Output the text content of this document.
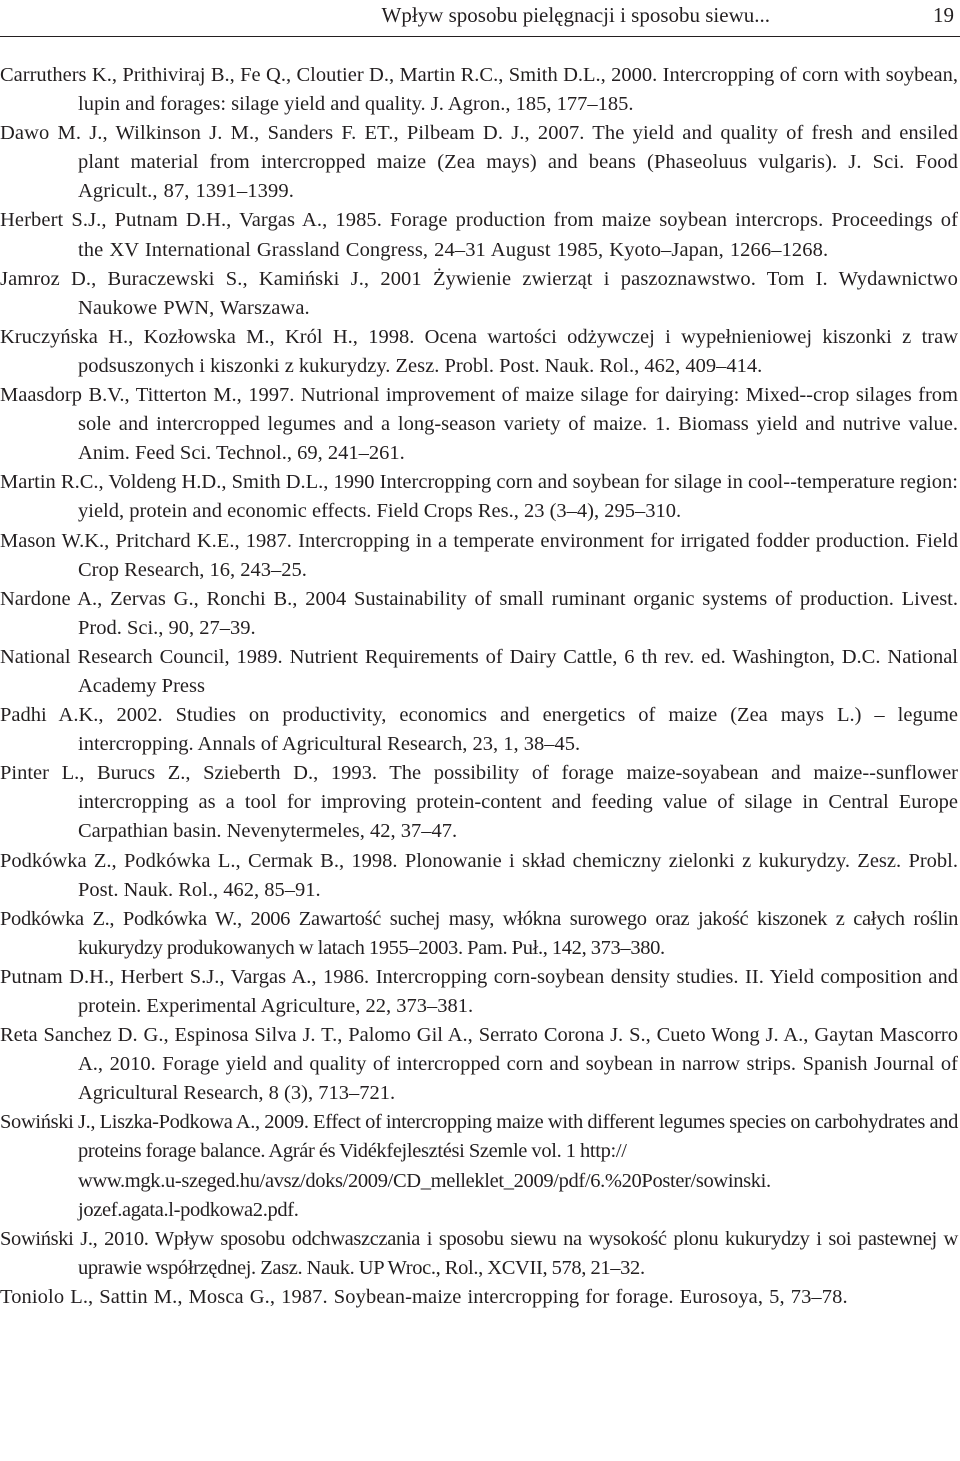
Wpływ sposobu pielęgnacji i sposobu siewu...	19
Carruthers K., Prithiviraj B., Fe Q., Cloutier D., Martin R.C., Smith D.L., 2000. Intercropping of corn with soybean, lupin and forages: silage yield and quality. J. Agron., 185, 177–185.
Dawo M. J., Wilkinson J. M., Sanders F. ET., Pilbeam D. J., 2007. The yield and quality of fresh and ensiled plant material from intercropped maize (Zea mays) and beans (Phaseoluus vulgaris). J. Sci. Food Agricult., 87, 1391–1399.
Herbert S.J., Putnam D.H., Vargas A., 1985. Forage production from maize soybean intercrops. Proceedings of the XV International Grassland Congress, 24–31 August 1985, Kyoto–Japan, 1266–1268.
Jamroz D., Buraczewski S., Kamiński J., 2001 Żywienie zwierząt i paszoznawstwo. Tom I. Wydawnictwo Naukowe PWN, Warszawa.
Kruczyńska H., Kozłowska M., Król H., 1998. Ocena wartości odżywczej i wypełnieniowej kiszonki z traw podsuszonych i kiszonki z kukurydzy. Zesz. Probl. Post. Nauk. Rol., 462, 409–414.
Maasdorp B.V., Titterton M., 1997. Nutrional improvement of maize silage for dairying: Mixed--crop silages from sole and intercropped legumes and a long-season variety of maize. 1. Biomass yield and nutrive value. Anim. Feed Sci. Technol., 69, 241–261.
Martin R.C., Voldeng H.D., Smith D.L., 1990 Intercropping corn and soybean for silage in cool--temperature region: yield, protein and economic effects. Field Crops Res., 23 (3–4), 295–310.
Mason W.K., Pritchard K.E., 1987. Intercropping in a temperate environment for irrigated fodder production. Field Crop Research, 16, 243–25.
Nardone A., Zervas G., Ronchi B., 2004 Sustainability of small ruminant organic systems of production. Livest. Prod. Sci., 90, 27–39.
National Research Council, 1989. Nutrient Requirements of Dairy Cattle, 6 th rev. ed. Washington, D.C. National Academy Press
Padhi A.K., 2002. Studies on productivity, economics and energetics of maize (Zea mays L.) – legume intercropping. Annals of Agricultural Research, 23, 1, 38–45.
Pinter L., Burucs Z., Szieberth D., 1993. The possibility of forage maize-soyabean and maize--sunflower intercropping as a tool for improving protein-content and feeding value of silage in Central Europe Carpathian basin. Nevenytermeles, 42, 37–47.
Podkówka Z., Podkówka L., Cermak B., 1998. Plonowanie i skład chemiczny zielonki z kukurydzy. Zesz. Probl. Post. Nauk. Rol., 462, 85–91.
Podkówka Z., Podkówka W., 2006 Zawartość suchej masy, włókna surowego oraz jakość kiszonek z całych roślin kukurydzy produkowanych w latach 1955–2003. Pam. Puł., 142, 373–380.
Putnam D.H., Herbert S.J., Vargas A., 1986. Intercropping corn-soybean density studies. II. Yield composition and protein. Experimental Agriculture, 22, 373–381.
Reta Sanchez D. G., Espinosa Silva J. T., Palomo Gil A., Serrato Corona J. S., Cueto Wong J. A., Gaytan Mascorro A., 2010. Forage yield and quality of intercropped corn and soybean in narrow strips. Spanish Journal of Agricultural Research, 8 (3), 713–721.
Sowiński J., Liszka-Podkowa A., 2009. Effect of intercropping maize with different legumes species on carbohydrates and proteins forage balance. Agrár és Vidékfejlesztési Szemle vol. 1 http://
www.mgk.u-szeged.hu/avsz/doks/2009/CD_melleklet_2009/pdf/6.%20Poster/sowinski.
jozef.agata.l-podkowa2.pdf.
Sowiński J., 2010. Wpływ sposobu odchwaszczania i sposobu siewu na wysokość plonu kukurydzy i soi pastewnej w uprawie współrzędnej. Zasz. Nauk. UP Wroc., Rol., XCVII, 578, 21–32.
Toniolo L., Sattin M., Mosca G., 1987. Soybean-maize intercropping for forage. Eurosoya, 5, 73–78.
